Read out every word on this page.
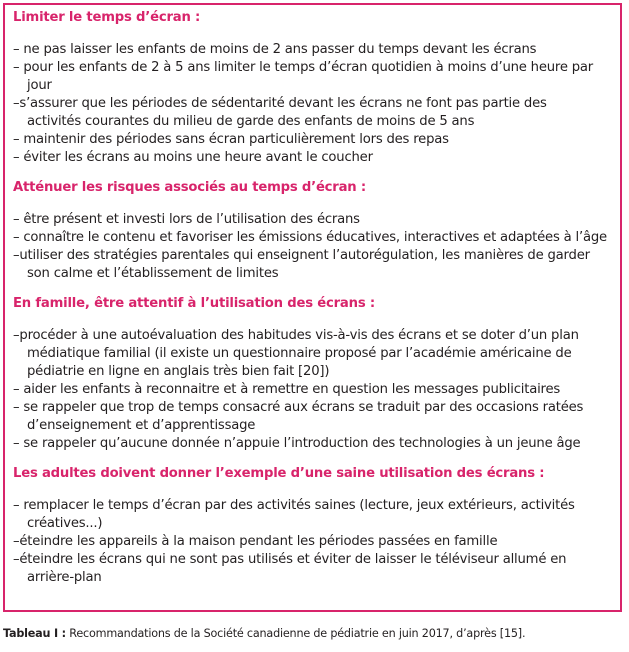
Limiter le temps d’écran :
– ne pas laisser les enfants de moins de 2 ans passer du temps devant les écrans
– pour les enfants de 2 à 5 ans limiter le temps d’écran quotidien à moins d’une heure par jour
–s’assurer que les périodes de sédentarité devant les écrans ne font pas partie des
activités courantes du milieu de garde des enfants de moins de 5 ans
– maintenir des périodes sans écran particulièrement lors des repas
– éviter les écrans au moins une heure avant le coucher
Atténuer les risques associés au temps d’écran :
– être présent et investi lors de l’utilisation des écrans
– connaître le contenu et favoriser les émissions éducatives, interactives et adaptées à l’âge
–utiliser des stratégies parentales qui enseignent l’autorégulation, les manières de garder
son calme et l’établissement de limites
En famille, être attentif à l’utilisation des écrans :
–procéder à une autoévaluation des habitudes vis-à-vis des écrans et se doter d’un plan
médiatique familial (il existe un questionnaire proposé par l’académie américaine de
pédiatrie en ligne en anglais très bien fait [20])
– aider les enfants à reconnaitre et à remettre en question les messages publicitaires
– se rappeler que trop de temps consacré aux écrans se traduit par des occasions ratées
d’enseignement et d’apprentissage
– se rappeler qu’aucune donnée n’appuie l’introduction des technologies à un jeune âge
Les adultes doivent donner l’exemple d’une saine utilisation des écrans :
– remplacer le temps d’écran par des activités saines (lecture, jeux extérieurs, activités
créatives...)
–éteindre les appareils à la maison pendant les périodes passées en famille
–éteindre les écrans qui ne sont pas utilisés et éviter de laisser le téléviseur allumé en
arrière-plan
Tableau I : Recommandations de la Société canadienne de pédiatrie en juin 2017, d’après [15].
